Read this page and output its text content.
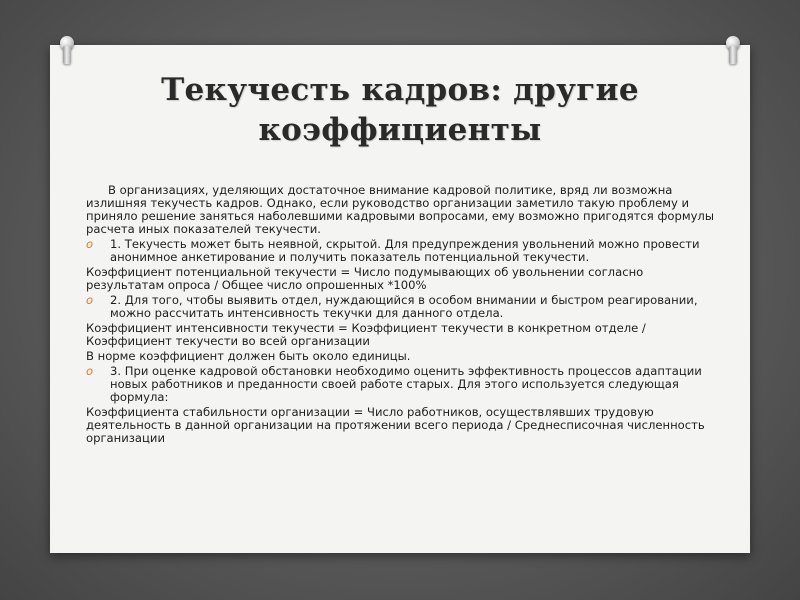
Текучесть кадров: другие
коэффициенты

В организациях, уделяющих достаточное внимание кадровой политике, вряд ли возможна излишняя текучесть кадров. Однако, если руководство организации заметило такую проблему и приняло решение заняться наболевшими кадровыми вопросами, ему возможно пригодятся формулы расчета иных показателей текучести.

o 1. Текучесть может быть неявной, скрытой. Для предупреждения увольнений можно провести анонимное анкетирование и получить показатель потенциальной текучести.

Коэффициент потенциальной текучести = Число подумывающих об увольнении согласно результатам опроса / Общее число опрошенных *100%

o 2. Для того, чтобы выявить отдел, нуждающийся в особом внимании и быстром реагировании, можно рассчитать интенсивность текучки для данного отдела.

Коэффициент интенсивности текучести = Коэффициент текучести в конкретном отделе / Коэффициент текучести во всей организации

В норме коэффициент должен быть около единицы.

o 3. При оценке кадровой обстановки необходимо оценить эффективность процессов адаптации новых работников и преданности своей работе старых. Для этого используется следующая формула:

Коэффициента стабильности организации = Число работников, осуществлявших трудовую деятельность в данной организации на протяжении всего периода / Среднесписочная численность организации
